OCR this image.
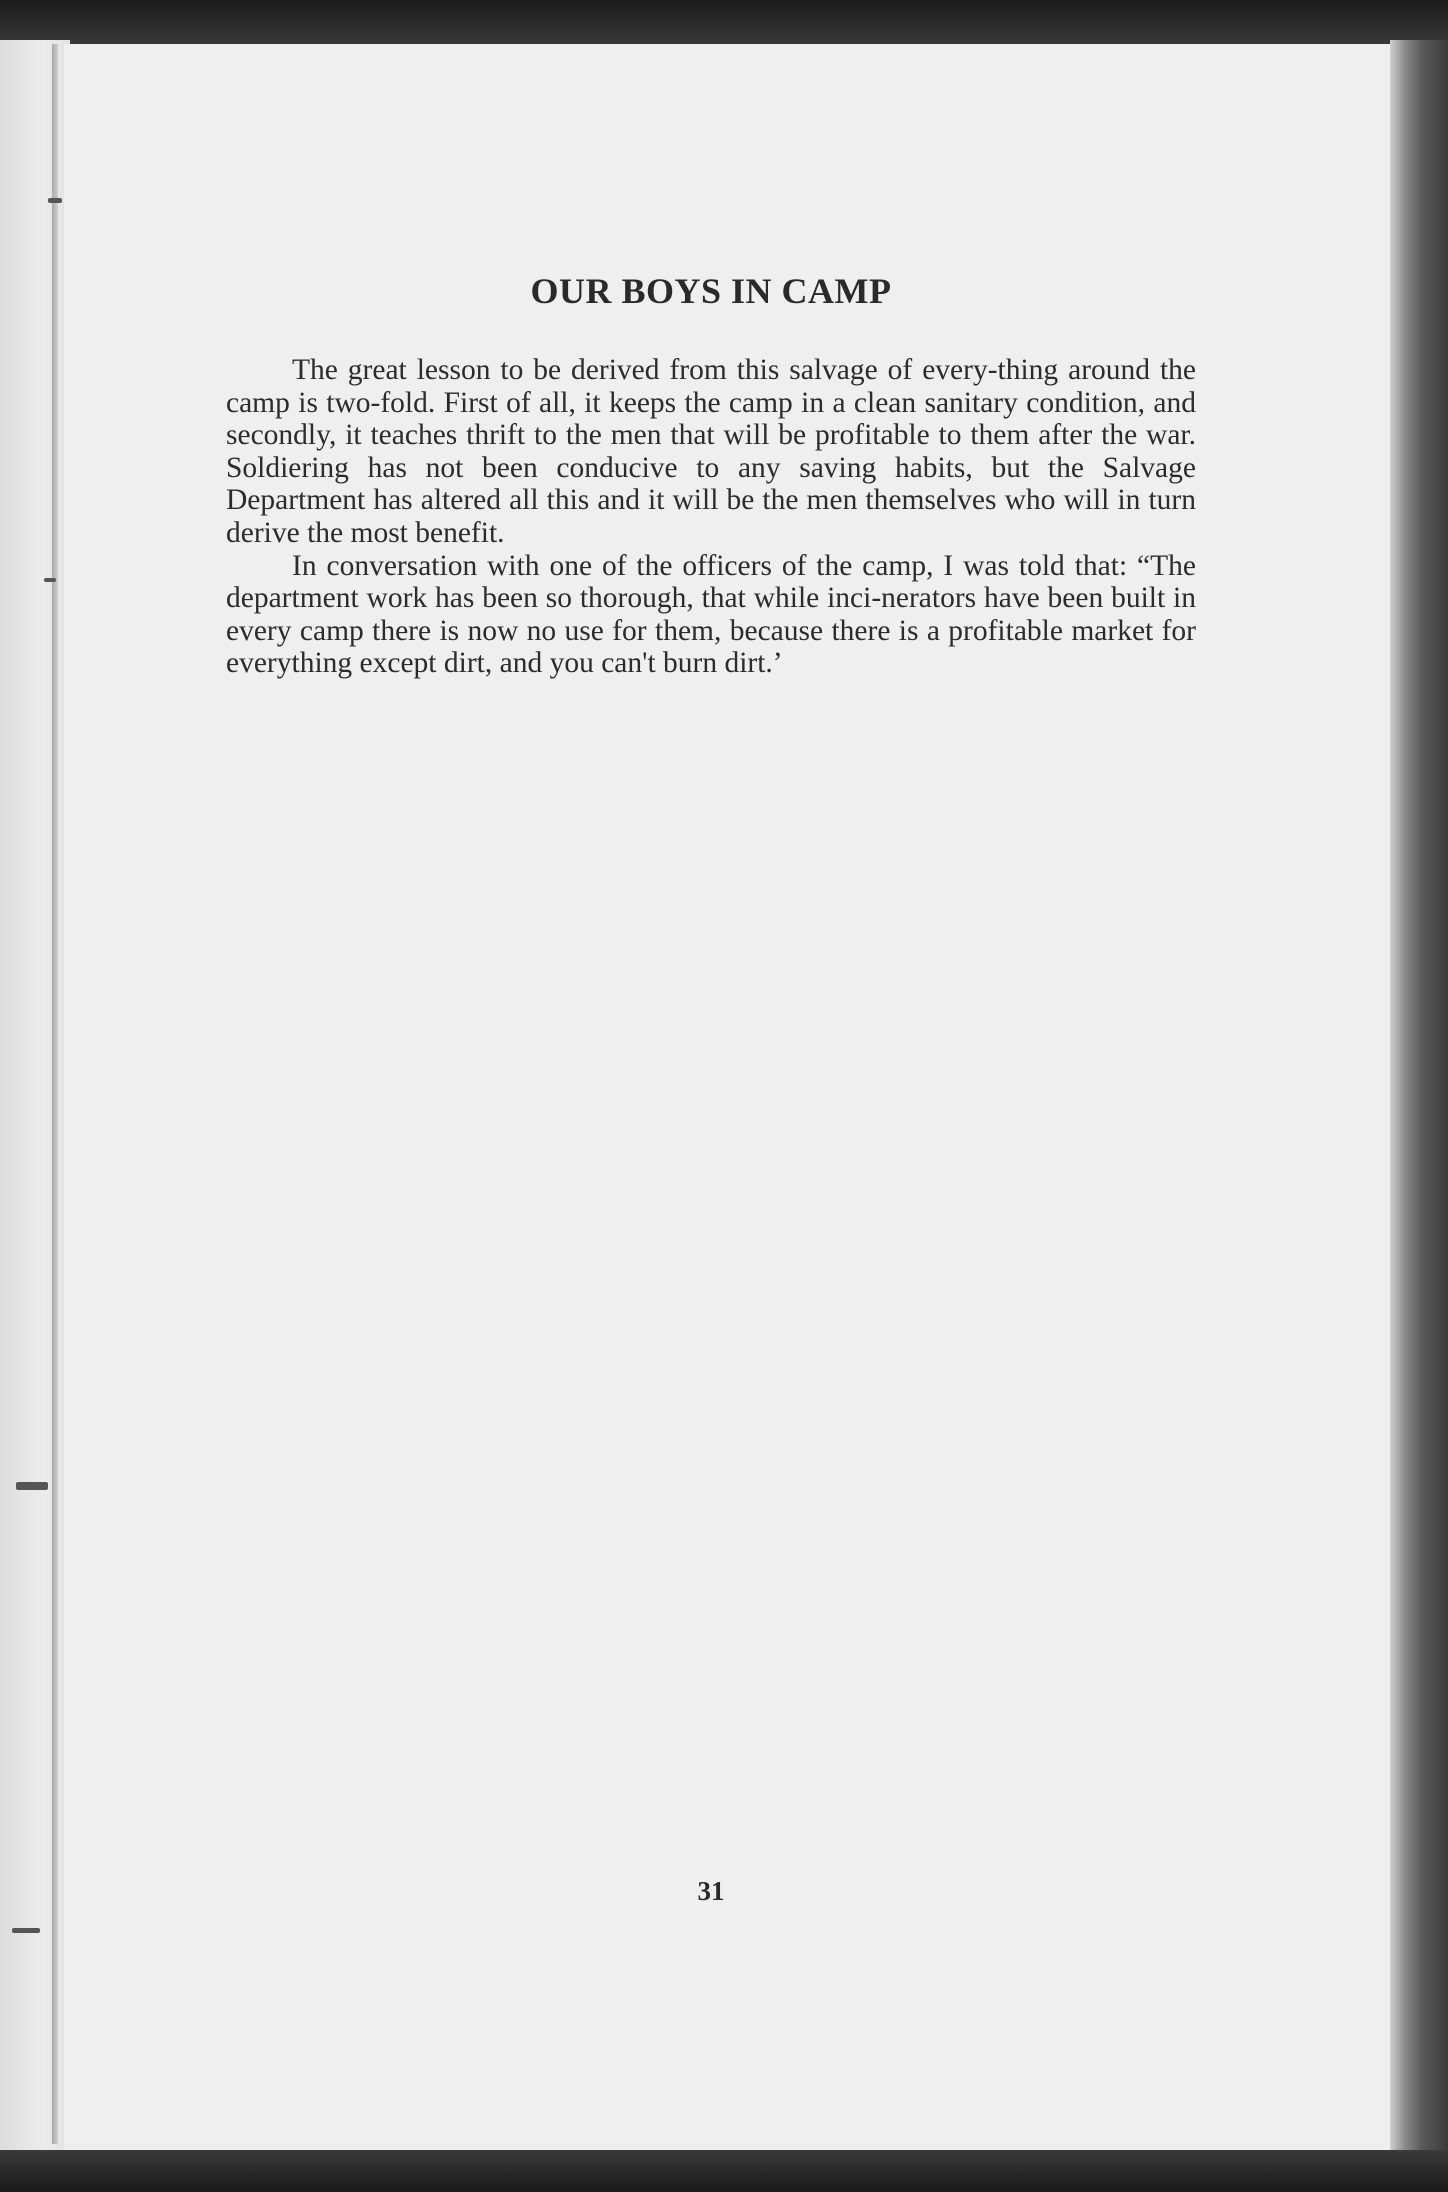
OUR BOYS IN CAMP

The great lesson to be derived from this salvage of every-thing around the camp is two-fold. First of all, it keeps the camp in a clean sanitary condition, and secondly, it teaches thrift to the men that will be profitable to them after the war. Soldiering has not been conducive to any saving habits, but the Salvage Department has altered all this and it will be the men themselves who will in turn derive the most benefit.

In conversation with one of the officers of the camp, I was told that: “The department work has been so thorough, that while inci-nerators have been built in every camp there is now no use for them, because there is a profitable market for everything except dirt, and you can't burn dirt.’

31
